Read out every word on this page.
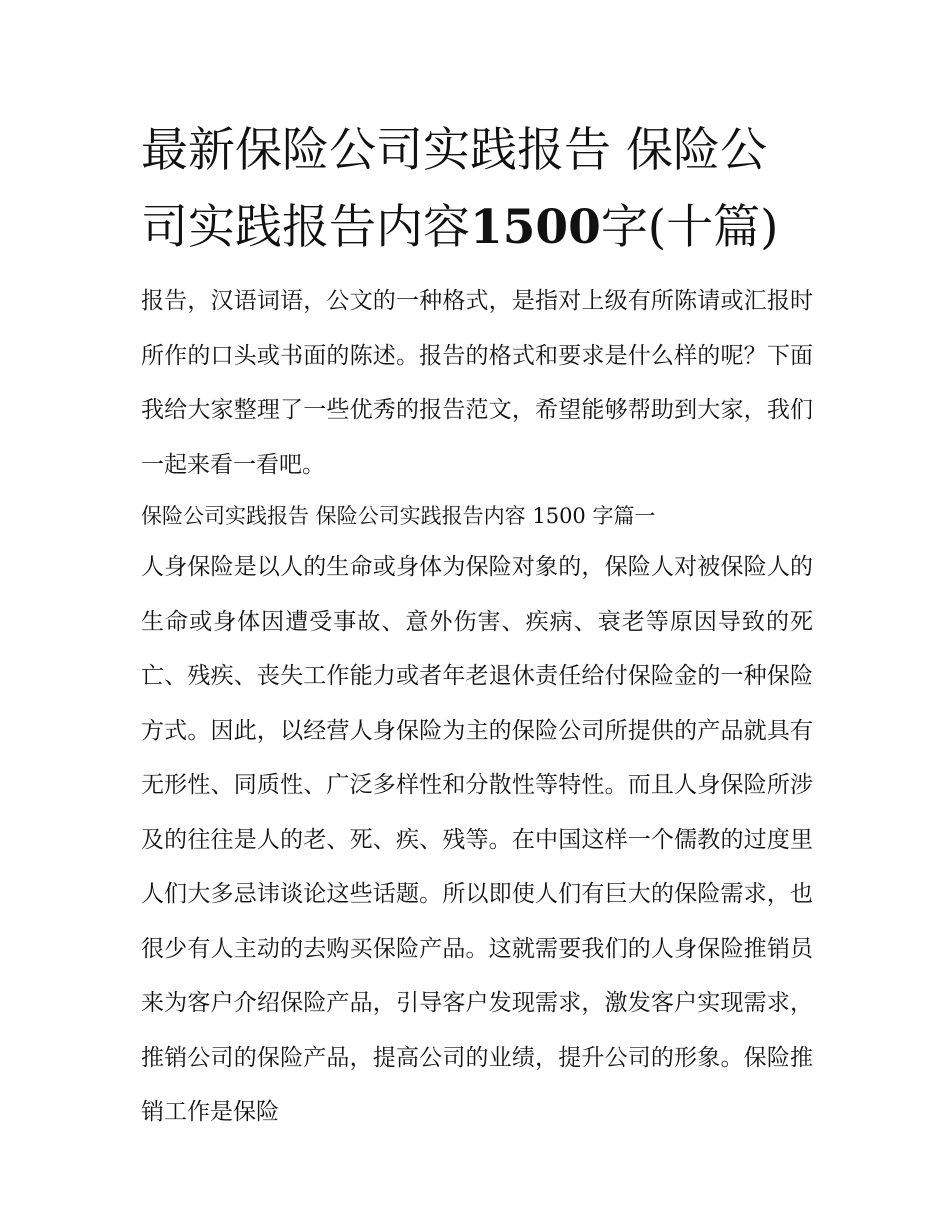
最新保险公司实践报告 保险公司实践报告内容1500字(十篇)

报告，汉语词语，公文的一种格式，是指对上级有所陈请或汇报时所作的口头或书面的陈述。报告的格式和要求是什么样的呢？下面我给大家整理了一些优秀的报告范文，希望能够帮助到大家，我们一起来看一看吧。

保险公司实践报告 保险公司实践报告内容 1500 字篇一

人身保险是以人的生命或身体为保险对象的，保险人对被保险人的生命或身体因遭受事故、意外伤害、疾病、衰老等原因导致的死亡、残疾、丧失工作能力或者年老退休责任给付保险金的一种保险方式。因此，以经营人身保险为主的保险公司所提供的产品就具有无形性、同质性、广泛多样性和分散性等特性。而且人身保险所涉及的往往是人的老、死、疾、残等。在中国这样一个儒教的过度里人们大多忌讳谈论这些话题。所以即使人们有巨大的保险需求，也很少有人主动的去购买保险产品。这就需要我们的人身保险推销员来为客户介绍保险产品，引导客户发现需求，激发客户实现需求，推销公司的保险产品，提高公司的业绩，提升公司的形象。保险推销工作是保险
